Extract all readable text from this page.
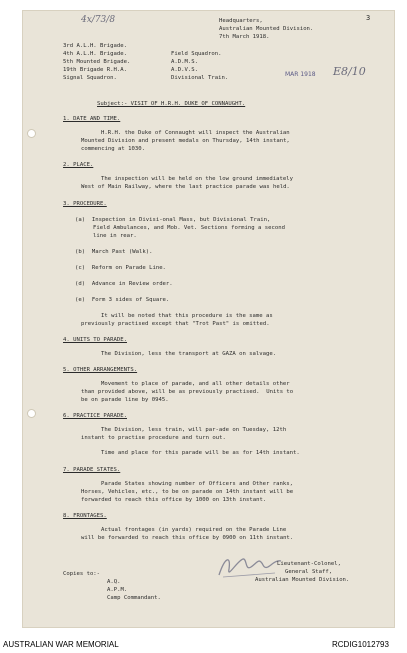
4x/73/8	3
Headquarters,
Australian Mounted Division.
7th March 1918.
3rd A.L.H. Brigade.
4th A.L.H. Brigade.
5th Mounted Brigade.
19th Brigade R.H.A.
Signal Squadron.
Field Squadron.
A.D.M.S.
A.D.V.S.
Divisional Train.	MAR 1918 E8/10
Subject:- VISIT OF H.R.H. DUKE OF CONNAUGHT.
1. DATE AND TIME.
H.R.H. the Duke of Connaught will inspect the Australian
Mounted Division and present medals on Thursday, 14th instant,
commencing at 1030.
2. PLACE.
The inspection will be held on the low ground immediately
West of Main Railway, where the last practice parade was held.
3. PROCEDURE.
(a)  Inspection in Divisi-onal Mass, but Divisional Train,
Field Ambulances, and Mob. Vet. Sections forming a second
line in rear.
(b)  March Past (Walk).
(c)  Reform on Parade Line.
(d)  Advance in Review order.
(e)  Form 3 sides of Square.
It will be noted that this procedure is the same as
previously practised except that "Trot Past" is omitted.
4. UNITS TO PARADE.
The Division, less the transport at GAZA on salvage.
5. OTHER ARRANGEMENTS.
Movement to place of parade, and all other details other
than provided above, will be as previously practised.  Units to
be on parade line by 0945.
6. PRACTICE PARADE.
The Division, less train, will par-ade on Tuesday, 12th
instant to practise procedure and turn out.
Time and place for this parade will be as for 14th instant.
7. PARADE STATES.
Parade States showing number of Officers and Other ranks,
Horses, Vehicles, etc., to be on parade on 14th instant will be
forwarded to reach this office by 1000 on 13th instant.
8. FRONTAGES.
Actual frontages (in yards) required on the Parade Line
will be forwarded to reach this office by 0900 on 11th instant.
Lieutenant-Colonel,
General Staff,
Australian Mounted Division.
Copies to:-
A.Q.
A.P.M.
Camp Commandant.
AUSTRALIAN WAR MEMORIAL	RCDIG1012793
